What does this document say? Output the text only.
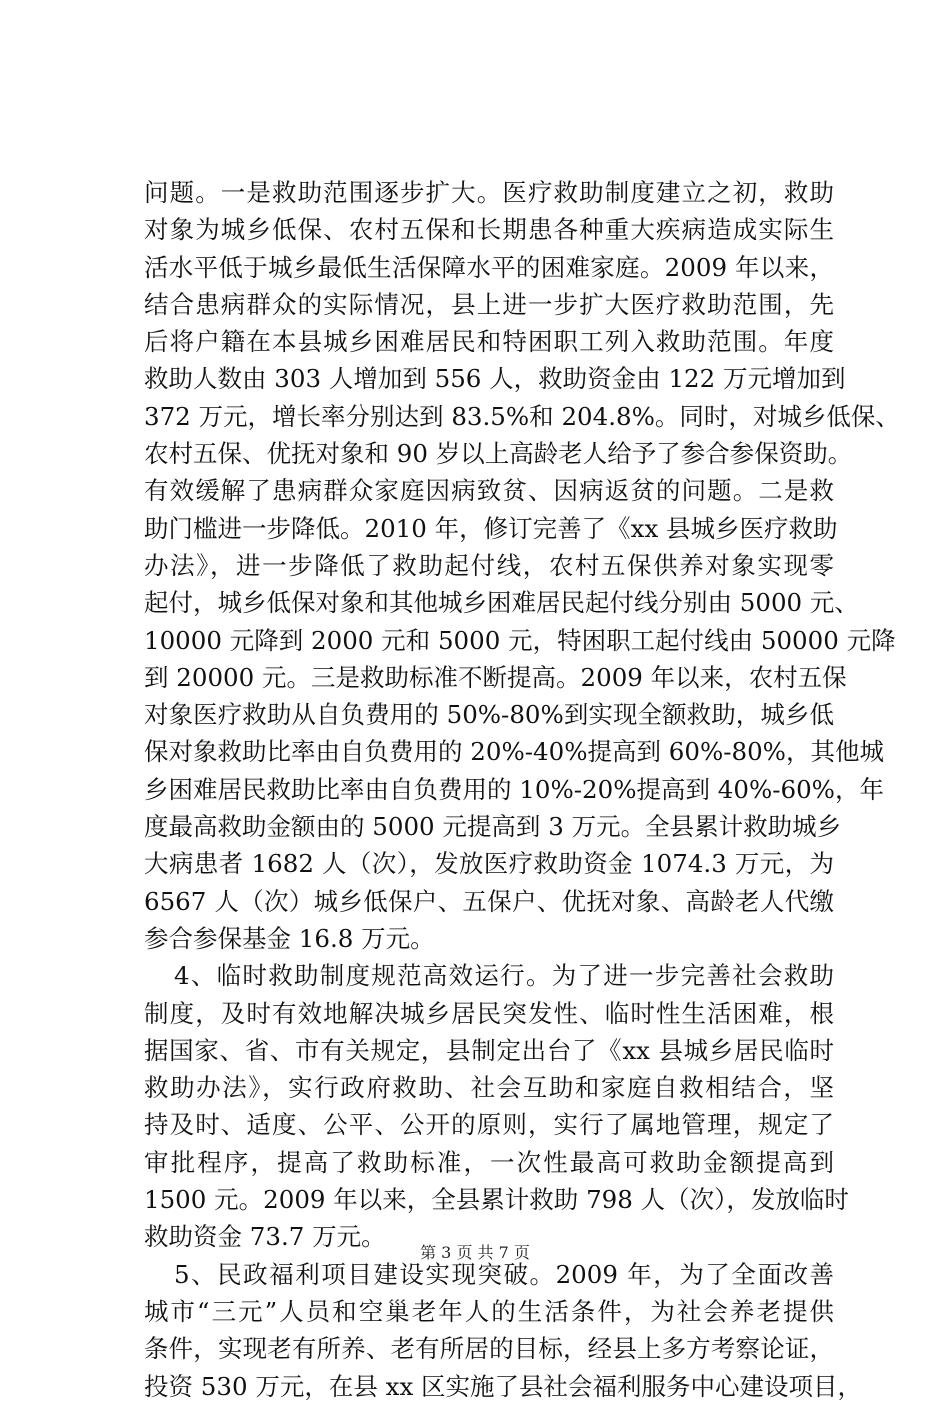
问题。一是救助范围逐步扩大。医疗救助制度建立之初，救助
对象为城乡低保、农村五保和长期患各种重大疾病造成实际生
活水平低于城乡最低生活保障水平的困难家庭。2009 年以来，
结合患病群众的实际情况，县上进一步扩大医疗救助范围，先
后将户籍在本县城乡困难居民和特困职工列入救助范围。年度
救助人数由 303 人增加到 556 人，救助资金由 122 万元增加到
372 万元，增长率分别达到 83.5%和 204.8%。同时，对城乡低保、
农村五保、优抚对象和 90 岁以上高龄老人给予了参合参保资助。
有效缓解了患病群众家庭因病致贫、因病返贫的问题。二是救
助门槛进一步降低。2010 年，修订完善了《xx 县城乡医疗救助
办法》，进一步降低了救助起付线，农村五保供养对象实现零
起付，城乡低保对象和其他城乡困难居民起付线分别由 5000 元、
10000 元降到 2000 元和 5000 元，特困职工起付线由 50000 元降
到 20000 元。三是救助标准不断提高。2009 年以来，农村五保
对象医疗救助从自负费用的 50%-80%到实现全额救助，城乡低
保对象救助比率由自负费用的 20%-40%提高到 60%-80%，其他城
乡困难居民救助比率由自负费用的 10%-20%提高到 40%-60%，年
度最高救助金额由的 5000 元提高到 3 万元。全县累计救助城乡
大病患者 1682 人（次），发放医疗救助资金 1074.3 万元，为
6567 人（次）城乡低保户、五保户、优抚对象、高龄老人代缴
参合参保基金 16.8 万元。
4、临时救助制度规范高效运行。为了进一步完善社会救助
制度，及时有效地解决城乡居民突发性、临时性生活困难，根
据国家、省、市有关规定，县制定出台了《xx 县城乡居民临时
救助办法》，实行政府救助、社会互助和家庭自救相结合，坚
持及时、适度、公平、公开的原则，实行了属地管理，规定了
审批程序，提高了救助标准，一次性最高可救助金额提高到
1500 元。2009 年以来，全县累计救助 798 人（次），发放临时
救助资金 73.7 万元。
5、民政福利项目建设实现突破。2009 年，为了全面改善
城市“三元”人员和空巢老年人的生活条件，为社会养老提供
条件，实现老有所养、老有所居的目标，经县上多方考察论证，
投资 530 万元，在县 xx 区实施了县社会福利服务中心建设项目，
第 3 页 共 7 页
